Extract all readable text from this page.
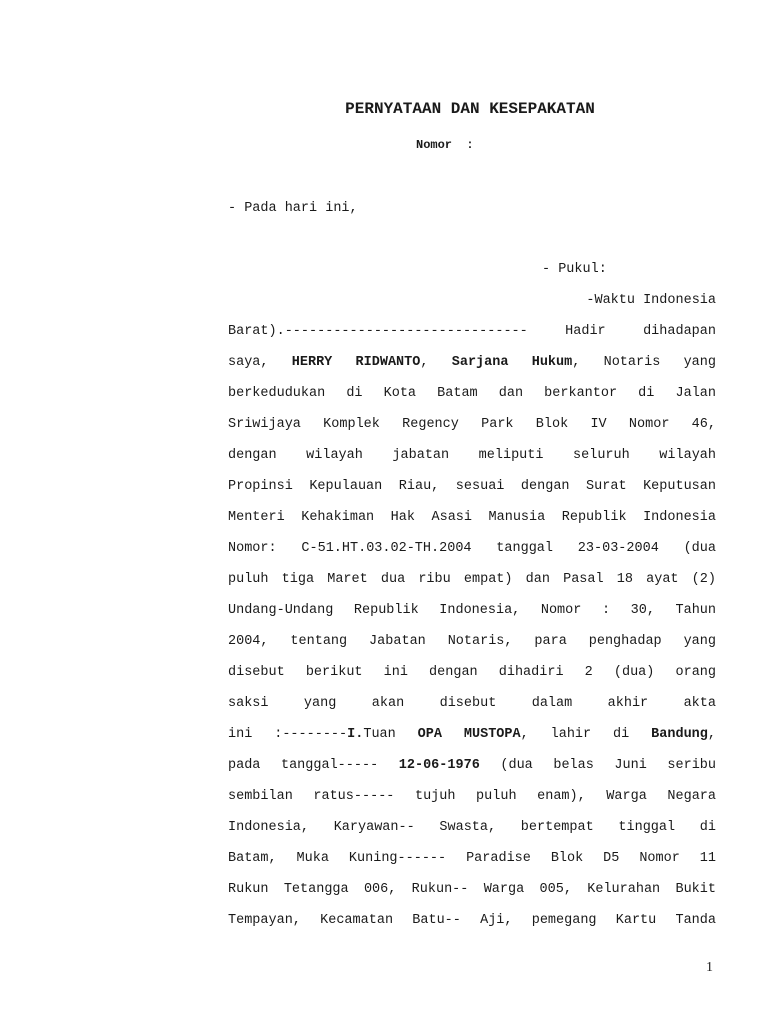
PERNYATAAN DAN KESEPAKATAN
Nomor  :
- Pada hari ini,
- Pukul:
-Waktu Indonesia
Barat).------------------------------	Hadir dihadapan
saya, HERRY RIDWANTO, Sarjana Hukum, Notaris yang
berkedudukan di Kota Batam dan berkantor di Jalan
Sriwijaya Komplek Regency Park Blok IV Nomor 46,
dengan wilayah jabatan meliputi seluruh wilayah
Propinsi Kepulauan Riau, sesuai dengan Surat Keputusan
Menteri Kehakiman Hak Asasi Manusia Republik Indonesia
Nomor: C-51.HT.03.02-TH.2004 tanggal 23-03-2004 (dua
puluh tiga Maret dua ribu empat) dan Pasal 18 ayat (2)
Undang-Undang Republik Indonesia, Nomor : 30, Tahun
2004, tentang Jabatan Notaris, para penghadap yang
disebut berikut ini dengan dihadiri 2 (dua) orang
saksi yang akan disebut dalam akhir akta
ini :--------I.Tuan OPA MUSTOPA, lahir di Bandung,
pada tanggal----- 12-06-1976 (dua belas Juni seribu
sembilan ratus----- tujuh puluh enam), Warga Negara
Indonesia, Karyawan-- Swasta, bertempat tinggal di
Batam, Muka Kuning------ Paradise Blok D5 Nomor 11
Rukun Tetangga 006, Rukun-- Warga 005, Kelurahan Bukit
Tempayan, Kecamatan Batu-- Aji, pemegang Kartu Tanda
1
